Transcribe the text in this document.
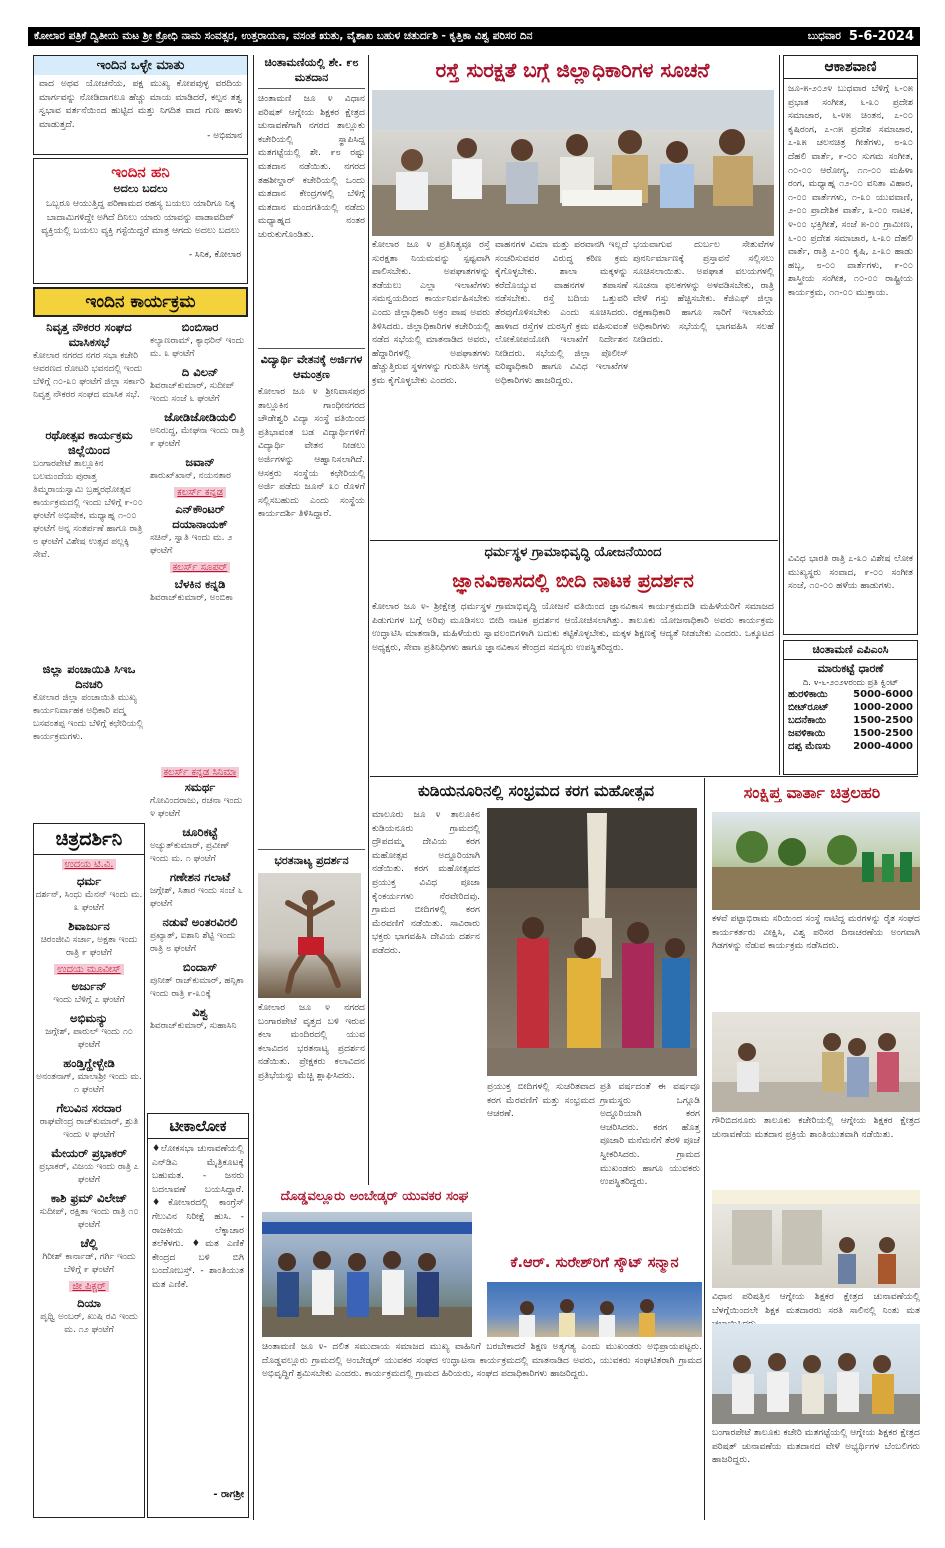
ಕೋಲಾರ ಪತ್ರಿಕೆ ದ್ವಿತೀಯ ಮಟ ಶ್ರೀ ಕ್ರೋಧಿ ನಾಮ ಸಂವತ್ಸರ, ಉತ್ತರಾಯಣ, ವಸಂತ ಋತು, ವೈಶಾಖ ಬಹುಳ ಚತುರ್ದಶಿ - ಕೃತ್ತಿಕಾ ವಿಶ್ವ ಪರಿಸರ ದಿನ	ಬುಧವಾರ 5-6-2024
ಇಂದಿನ ಒಳ್ಳೇ ಮಾತು
ವಾದ ಅಥವ ಯೋಚನೆಯ, ಪಕ್ಷ ಮುಖ್ಯ ಕೋಪವುಳ್ಳ ವರದಿಯ ಮಾರ್ಗವನ್ನು ನೋಡಿದಾಗಲೂ ಹೆಚ್ಚು ಮಾಯ ಮಾಡಿದರೆ, ಕಲ್ಪನ ತತ್ವ ಸ್ವಭಾವ ವರ್ತನೆಯಿಂದ ಹುಟ್ಟಿದ ಮತ್ತು ನಿಗದಿತ ವಾದ ಗುಣ ಹಾಳು ಮಾಡುತ್ತದೆ.
- ಅಭಿಮಾನ
ಇಂದಿನ ಹನಿ
ಅದಲು ಬದಲು
ಒಬ್ಬರೂ ಆಯುತ್ತಿದ್ದ ಪರಿಣಾಮದ ರಹಸ್ಯ ಬಯಲು ಯಾರಿಗೂ ನಿಕ್ಕ ಬಾದಾಮಿಗಳಿದ್ದೇ ಅಗಿದೆ ದಿನಿಲು ಯಾರು ಯಾವನ್ನು ವಾಡಾವದಿಪ್ ವ್ಯಕ್ತಿಯಲ್ಲಿ ಬಯಲು ವ್ಯಕ್ತಿ ಗಸ್ಟೆಯಿದ್ದರೆ ಮಾತ್ರ ಆಗದು ಅದಲು ಬದಲು
- ಸಿನಿಕ, ಕೋಲಾರ
ಇಂದಿನ ಕಾರ್ಯಕ್ರಮ
ನಿವೃತ್ತ ನೌಕರರ ಸಂಘದ ಮಾಸಿಕಸಭೆ
ಕೋಲಾರ ನಗರದ ನಗರ ಸಭಾ ಕಚೇರಿ ಆವರಣದ ರೋಟರಿ ಭವನದಲ್ಲಿ ಇಂದು ಬೆಳಿಗ್ಗೆ ೧೦-೩೦ ಘಂಟೆಗೆ ಜಿಲ್ಲಾ ಸರ್ಕಾರಿ ನಿವೃತ್ತ ನೌಕರರ ಸಂಘದ ಮಾಸಿಕ ಸಭೆ.
ರಥೋತ್ಸವ ಕಾರ್ಯಕ್ರಮ ಜಿಲ್ಲೆಯಿಂದ
ಬಂಗಾರಪೇಟೆ ತಾಲ್ಲೂಕಿನ ಬಲಮಂದೆಯ ಪುರಾತ್ತ ತಿಮ್ಮರಾಯಸ್ವಾಮಿ ಬ್ರಹ್ಮರಥೋತ್ಸವ ಕಾರ್ಯಕ್ರಮದಲ್ಲಿ ಇಂದು ಬೆಳಿಗ್ಗೆ ೯-೦೦ ಘಂಟೆಗೆ ಅಭಿಷೇಕ, ಮಧ್ಯಾಹ್ನ ೧-೦೦ ಘಂಟೆಗೆ ಅನ್ನ ಸಂತರ್ಪಣೆ ಹಾಗೂ ರಾತ್ರಿ ೮ ಘಂಟೆಗೆ ವಿಶೇಷ ಉತ್ಸವ ಪಲ್ಲಕ್ಕಿ ಸೇವೆ.
ಜಿಲ್ಲಾ ಪಂಚಾಯಿತಿ ಸಿಇಒ ದಿನಚರಿ
ಕೋಲಾರ ಜಿಲ್ಲಾ ಪಂಚಾಯಿತಿ ಮುಖ್ಯ ಕಾರ್ಯನಿರ್ವಾಹಕ ಅಧಿಕಾರಿ ಪದ್ಮ ಬಸವಂತಪ್ಪ ಇಂದು ಬೆಳಿಗ್ಗೆ ಕಛೇರಿಯಲ್ಲಿ ಕಾರ್ಯಕ್ರಮಗಳು.
ಚಿತ್ರದರ್ಶಿನಿ
ಉದಯ ಟಿ.ವಿ.
ಧರ್ಮ
ದರ್ಶನ್, ಸಿಂಧು ಮೆನನ್ ಇಂದು ಮ. ೩ ಘಂಟೆಗೆ
ಶಿವಾರ್ಜುನ
ಚಿರಂಜೀವಿ ಸರ್ಜಾ, ಅಕ್ಷತಾ ಇಂದು ರಾತ್ರಿ ೯ ಘಂಟೆಗೆ
ಉದಯ ಮೂವೀಸ್
ಅರ್ಜುನ್
ಇಂದು ಬೆಳಿಗ್ಗೆ ೭ ಘಂಟೆಗೆ
ಅಭಿಮನ್ಯು
ಜಗ್ಗೇಶ್, ಪಾರುಲ್ ಇಂದು ೧೦ ಘಂಟೆಗೆ
ಹಂಡ್ತಿಗ್ಹೇಳ್ಬೇಡಿ
ಅನಂತನಾಗ್, ಮಾಲಾಶ್ರೀ ಇಂದು ಮ. ೧ ಘಂಟೆಗೆ
ಗೆಲುವಿನ ಸರದಾರ
ರಾಘವೇಂದ್ರ ರಾಜ್‌ಕುಮಾರ್, ಶ್ರುತಿ ಇಂದು ೪ ಘಂಟೆಗೆ
ಮೇಯರ್ ಪ್ರಭಾಕರ್
ಪ್ರಭಾಕರ್, ವಿಜಯ ಇಂದು ರಾತ್ರಿ ೭ ಘಂಟೆಗೆ
ಕಾಶಿ ಫ್ರಮ್ ವಿಲೇಜ್
ಸುದೀಪ್, ರಕ್ಷಿತಾ ಇಂದು ರಾತ್ರಿ ೧೦ ಘಂಟೆಗೆ
ಚೆಲ್ಲಿ
ಗಿರೀಶ್ ಕಾರ್ನಾಡ್, ಗರ್ಗಿ ಇಂದು ಬೆಳಿಗ್ಗೆ ೯ ಘಂಟೆಗೆ
ಜೀ ಪಿಕ್ಚರ್
ದಿಯಾ
ಪೃಥ್ವಿ ಅಂಬರ್, ಖುಷಿ ರವಿ ಇಂದು ಮ. ೧೨ ಘಂಟೆಗೆ
ಬಿಂಬಿಸಾರ
ಕಲ್ಯಾಣರಾಮ್, ಕ್ಯಾಥರಿನ್ ಇಂದು ಮ. ೩ ಘಂಟೆಗೆ
ದಿ ವಿಲನ್
ಶಿವರಾಜ್‌ಕುಮಾರ್, ಸುದೀಪ್ ಇಂದು ಸಂಜೆ ೬ ಘಂಟೆಗೆ
ಜೋಡಿಜೋಡಿಯಲಿ
ಅನಿರುದ್ಧ, ಮೇಘನಾ ಇಂದು ರಾತ್ರಿ ೯ ಘಂಟೆಗೆ
ಜವಾನ್
ಶಾರುಖ್‌ಖಾನ್, ನಯನತಾರ
ಕಲರ್ಸ್ ಕನ್ನಡ
ಎನ್‌ಕೌಂಟರ್ ದಯಾನಾಯಕ್
ಸಚಿನ್, ಸ್ವಾತಿ ಇಂದು ಮ. ೨ ಘಂಟೆಗೆ
ಕಲರ್ಸ್ ಸೂಪರ್
ಬೆಳಕಿನ ಕನ್ನಡಿ
ಶಿವರಾಜ್‌ಕುಮಾರ್, ಅಂಬಿಕಾ
ಕಲರ್ಸ್ ಕನ್ನಡ ಸಿನಿಮಾ
ಸಮರ್ಥ
ಗೋವಿಂದರಾಜು, ರಚನಾ ಇಂದು ೪ ಘಂಟೆಗೆ
ಚೂರಿಕಟ್ಟೆ
ಅಚ್ಯುತ್‌ಕುಮಾರ್, ಪ್ರವೀಣ್ ಇಂದು ಮ. ೧ ಘಂಟೆಗೆ
ಗಣೇಶನ ಗಲಾಟೆ
ಜಗ್ಗೇಶ್, ಸಿತಾರ ಇಂದು ಸಂಜೆ ೬ ಘಂಟೆಗೆ
ನಡುವೆ ಅಂತರವಿರಲಿ
ಪ್ರಖ್ಯಾತ್, ಐಶಾನಿ ಶೆಟ್ಟಿ ಇಂದು ರಾತ್ರಿ ೮ ಘಂಟೆಗೆ
ಬಿಂದಾಸ್
ಪುನೀತ್ ರಾಜ್‌ಕುಮಾರ್, ಹನ್ಸಿಕಾ ಇಂದು ರಾತ್ರಿ ೯-೩೦ಕ್ಕೆ
ವಿಶ್ವ
ಶಿವರಾಜ್‌ಕುಮಾರ್, ಸುಹಾಸಿನಿ
ಟೀಕಾಲೋಕ
♦ಲೋಕಸಭಾ ಚುನಾವಣೆಯಲ್ಲಿ ಎನ್‌ಡಿಎ ಮೈತ್ರಿಕೂಟಕ್ಕೆ ಬಹುಮತ. - ಜನರು ಬದಲಾವಣೆ ಬಯಸಿದ್ದಾರೆ. ♦ಕೋಲಾರದಲ್ಲಿ ಕಾಂಗ್ರೆಸ್ ಗೆಲುವಿನ ನಿರೀಕ್ಷೆ ಹುಸಿ. - ರಾಜಕೀಯ ಲೆಕ್ಕಾಚಾರ ತಲೆಕೆಳಗು. ♦ಮತ ಎಣಿಕೆ ಕೇಂದ್ರದ ಬಳಿ ಬಿಗಿ ಬಂದೋಬಸ್ತ್. - ಶಾಂತಿಯುತ ಮತ ಎಣಿಕೆ.
- ರಾಗಶ್ರೀ
ಚಿಂತಾಮಣಿಯಲ್ಲಿ ಶೇ. ೯೮ ಮತದಾನ
ಚಿಂತಾಮಣಿ ಜೂ ೪ ವಿಧಾನ ಪರಿಷತ್ ಆಗ್ನೇಯ ಶಿಕ್ಷಕರ ಕ್ಷೇತ್ರದ ಚುನಾವಣೆಗಾಗಿ ನಗರದ ತಾಲ್ಲೂಕು ಕಚೇರಿಯಲ್ಲಿ ಸ್ಥಾಪಿಸಿದ್ದ ಮತಗಟ್ಟೆಯಲ್ಲಿ ಶೇ. ೯೮ ರಷ್ಟು ಮತದಾನ ನಡೆಯಿತು. ನಗರದ ತಹಶೀಲ್ದಾರ್ ಕಚೇರಿಯಲ್ಲಿ ಒಂದು ಮತದಾನ ಕೇಂದ್ರಗಳಲ್ಲಿ ಬೆಳಿಗ್ಗೆ ಮತದಾನ ಮಂದಗತಿಯಲ್ಲಿ ನಡೆದು ಮಧ್ಯಾಹ್ನದ ನಂತರ ಚುರುಕುಗೊಂಡಿತು.
ವಿದ್ಯಾರ್ಥಿ ವೇತನಕ್ಕೆ ಅರ್ಜಿಗಳ ಆಮಂತ್ರಣ
ಕೋಲಾರ ಜೂ ೪ ಶ್ರೀನಿವಾಸಪುರ ತಾಲ್ಲೂಕಿನ ಗಾಂಧೀನಗರದ ಚೌಡೇಶ್ವರಿ ವಿದ್ಯಾ ಸಂಸ್ಥೆ ವತಿಯಿಂದ ಪ್ರತಿಭಾವಂತ ಬಡ ವಿದ್ಯಾರ್ಥಿಗಳಿಗೆ ವಿದ್ಯಾರ್ಥಿ ವೇತನ ನೀಡಲು ಅರ್ಜಿಗಳನ್ನು ಆಹ್ವಾನಿಸಲಾಗಿದೆ. ಆಸಕ್ತರು ಸಂಸ್ಥೆಯ ಕಛೇರಿಯಲ್ಲಿ ಅರ್ಜಿ ಪಡೆದು ಜೂನ್ ೩೦ ರೊಳಗೆ ಸಲ್ಲಿಸಬಹುದು ಎಂದು ಸಂಸ್ಥೆಯ ಕಾರ್ಯದರ್ಶಿ ತಿಳಿಸಿದ್ದಾರೆ.
ಭರತನಾಟ್ಯ ಪ್ರದರ್ಶನ
ಕೋಲಾರ ಜೂ ೪ ನಗರದ ಬಂಗಾರಪೇಟೆ ವೃತ್ತದ ಬಳಿ ಇರುವ ಕಲಾ ಮಂದಿರದಲ್ಲಿ ಯುವ ಕಲಾವಿದನ ಭರತನಾಟ್ಯ ಪ್ರದರ್ಶನ ನಡೆಯಿತು. ಪ್ರೇಕ್ಷಕರು ಕಲಾವಿದನ ಪ್ರತಿಭೆಯನ್ನು ಮೆಚ್ಚಿ ಶ್ಲಾಘಿಸಿದರು.
ರಸ್ತೆ ಸುರಕ್ಷತೆ ಬಗ್ಗೆ ಜಿಲ್ಲಾಧಿಕಾರಿಗಳ ಸೂಚನೆ
ಕೋಲಾರ ಜೂ ೪ ಪ್ರತಿನಿತ್ಯವೂ ರಸ್ತೆ ಸುರಕ್ಷತಾ ನಿಯಮವನ್ನು ಸ್ಪಷ್ಟವಾಗಿ ಪಾಲಿಸಬೇಕು. ಅಪಘಾತಗಳನ್ನು ತಡೆಯಲು ಎಲ್ಲಾ ಇಲಾಖೆಗಳು ಸಮನ್ವಯದಿಂದ ಕಾರ್ಯನಿರ್ವಹಿಸಬೇಕು ಎಂದು ಜಿಲ್ಲಾಧಿಕಾರಿ ಅಕ್ರಂ ಪಾಷ ಅವರು ತಿಳಿಸಿದರು. ಜಿಲ್ಲಾಧಿಕಾರಿಗಳ ಕಚೇರಿಯಲ್ಲಿ ನಡೆದ ಸಭೆಯಲ್ಲಿ ಮಾತನಾಡಿದ ಅವರು, ಹೆದ್ದಾರಿಗಳಲ್ಲಿ ಅಪಘಾತಗಳು ಹೆಚ್ಚುತ್ತಿರುವ ಸ್ಥಳಗಳನ್ನು ಗುರುತಿಸಿ ಅಗತ್ಯ ಕ್ರಮ ಕೈಗೊಳ್ಳಬೇಕು ಎಂದರು.
ವಾಹನಗಳ ವಿಮಾ ಮತ್ತು ಪರವಾನಗಿ ಇಲ್ಲದೆ ಸಂಚರಿಸುವವರ ವಿರುದ್ಧ ಕಠಿಣ ಕ್ರಮ ಕೈಗೊಳ್ಳಬೇಕು. ಶಾಲಾ ಮಕ್ಕಳನ್ನು ಕರೆದೊಯ್ಯುವ ವಾಹನಗಳ ತಪಾಸಣೆ ನಡೆಸಬೇಕು. ರಸ್ತೆ ಬದಿಯ ಒತ್ತುವರಿ ತೆರವುಗೊಳಿಸಬೇಕು ಎಂದು ಸೂಚಿಸಿದರು. ಹಾಳಾದ ರಸ್ತೆಗಳ ದುರಸ್ತಿಗೆ ಕ್ರಮ ವಹಿಸುವಂತೆ ಲೋಕೋಪಯೋಗಿ ಇಲಾಖೆಗೆ ನಿರ್ದೇಶನ ನೀಡಿದರು. ಸಭೆಯಲ್ಲಿ ಜಿಲ್ಲಾ ಪೊಲೀಸ್ ವರಿಷ್ಠಾಧಿಕಾರಿ ಹಾಗೂ ವಿವಿಧ ಇಲಾಖೆಗಳ ಅಧಿಕಾರಿಗಳು ಹಾಜರಿದ್ದರು.
ಭಯವಾಗುವ ದುರ್ಬಲ ಸೇತುವೆಗಳ ಪುನರ್ನಿರ್ಮಾಣಕ್ಕೆ ಪ್ರಸ್ತಾವನೆ ಸಲ್ಲಿಸಲು ಸೂಚಿಸಲಾಯಿತು. ಅಪಘಾತ ವಲಯಗಳಲ್ಲಿ ಸೂಚನಾ ಫಲಕಗಳನ್ನು ಅಳವಡಿಸಬೇಕು, ರಾತ್ರಿ ವೇಳೆ ಗಸ್ತು ಹೆಚ್ಚಿಸಬೇಕು. ಕೆಜಿಎಫ್ ಜಿಲ್ಲಾ ರಕ್ಷಣಾಧಿಕಾರಿ ಹಾಗೂ ಸಾರಿಗೆ ಇಲಾಖೆಯ ಅಧಿಕಾರಿಗಳು ಸಭೆಯಲ್ಲಿ ಭಾಗವಹಿಸಿ ಸಲಹೆ ನೀಡಿದರು.
ಆಕಾಶವಾಣಿ
ಜೂ-೫-೨೦೨೪ ಬುಧವಾರ ಬೆಳಿಗ್ಗೆ ೬-೦೫ ಪ್ರಭಾತ ಸಂಗೀತ, ೬-೩೦ ಪ್ರದೇಶ ಸಮಾಚಾರ, ೬-೪೫ ಚಿಂತನ, ೭-೦೦ ಕೃಷಿರಂಗ, ೭-೧೫ ಪ್ರದೇಶ ಸಮಾಚಾರ, ೭-೩೫ ಚಲನಚಿತ್ರ ಗೀತೆಗಳು, ೮-೩೦ ದೆಹಲಿ ವಾರ್ತೆ, ೯-೦೦ ಸುಗಮ ಸಂಗೀತ, ೧೦-೦೦ ಆರೋಗ್ಯ, ೧೧-೦೦ ಮಹಿಳಾ ರಂಗ, ಮಧ್ಯಾಹ್ನ ೧೨-೦೦ ವನಿತಾ ವಿಹಾರ, ೧-೦೦ ವಾರ್ತೆಗಳು, ೧-೩೦ ಯುವವಾಣಿ, ೨-೦೦ ಪ್ರಾದೇಶಿಕ ವಾರ್ತೆ, ೩-೦೦ ನಾಟಕ, ೪-೦೦ ಭಕ್ತಿಗೀತೆ, ಸಂಜೆ ೫-೦೦ ಗ್ರಾಮೀಣ, ೬-೦೦ ಪ್ರದೇಶ ಸಮಾಚಾರ, ೬-೩೦ ದೆಹಲಿ ವಾರ್ತೆ, ರಾತ್ರಿ ೭-೦೦ ಕೃಷಿ, ೭-೩೦ ಹಾಡು ಹಬ್ಬ, ೮-೦೦ ವಾರ್ತೆಗಳು, ೯-೦೦ ಶಾಸ್ತ್ರೀಯ ಸಂಗೀತ, ೧೦-೦೦ ರಾಷ್ಟ್ರೀಯ ಕಾರ್ಯಕ್ರಮ, ೧೧-೦೦ ಮುಕ್ತಾಯ.
ವಿವಿಧ ಭಾರತಿ ರಾತ್ರಿ ೭-೩೦ ವಿಶೇಷ ಲೋಕ ಮುಖ್ಯಸ್ಥರು ಸಂವಾದ, ೯-೦೦ ಸಂಗೀತ ಸಂಜೆ, ೧೦-೦೦ ಹಳೆಯ ಹಾಡುಗಳು.
ಚಿಂತಾಮಣಿ ಎಪಿಎಂಸಿ
ಮಾರುಕಟ್ಟೆ ಧಾರಣೆ
ದಿ. ೪-೬-೨೦೨೪ರಂದು ಪ್ರತಿ ಕ್ವಿಂಟ್
ಹುರಳಿಕಾಯಿ	5000-6000
ಬೀಟ್‌ರೂಟ್	1000-2000
ಬದನೆಕಾಯಿ	1500-2500
ಜವಳಿಕಾಯಿ	1500-2500
ದಪ್ಪ ಮೆಣಸು	2000-4000
ಧರ್ಮಸ್ಥಳ ಗ್ರಾಮಾಭಿವೃದ್ಧಿ ಯೋಜನೆಯಿಂದ
ಜ್ಞಾನವಿಕಾಸದಲ್ಲಿ ಬೀದಿ ನಾಟಕ ಪ್ರದರ್ಶನ
ಕೋಲಾರ ಜೂ ೪- ಶ್ರೀಕ್ಷೇತ್ರ ಧರ್ಮಸ್ಥಳ ಗ್ರಾಮಾಭಿವೃದ್ಧಿ ಯೋಜನೆ ವತಿಯಿಂದ ಜ್ಞಾನವಿಕಾಸ ಕಾರ್ಯಕ್ರಮದಡಿ ಮಹಿಳೆಯರಿಗೆ ಸಮಾಜದ ಪಿಡುಗುಗಳ ಬಗ್ಗೆ ಅರಿವು ಮೂಡಿಸಲು ಬೀದಿ ನಾಟಕ ಪ್ರದರ್ಶನ ಆಯೋಜಿಸಲಾಗಿತ್ತು. ತಾಲೂಕು ಯೋಜನಾಧಿಕಾರಿ ಅವರು ಕಾರ್ಯಕ್ರಮ ಉದ್ಘಾಟಿಸಿ ಮಾತನಾಡಿ, ಮಹಿಳೆಯರು ಸ್ವಾವಲಂಬಿಗಳಾಗಿ ಬದುಕು ಕಟ್ಟಿಕೊಳ್ಳಬೇಕು, ಮಕ್ಕಳ ಶಿಕ್ಷಣಕ್ಕೆ ಆದ್ಯತೆ ನೀಡಬೇಕು ಎಂದರು. ಒಕ್ಕೂಟದ ಅಧ್ಯಕ್ಷರು, ಸೇವಾ ಪ್ರತಿನಿಧಿಗಳು ಹಾಗೂ ಜ್ಞಾನವಿಕಾಸ ಕೇಂದ್ರದ ಸದಸ್ಯರು ಉಪಸ್ಥಿತರಿದ್ದರು.
ಕುಡಿಯನೂರಿನಲ್ಲಿ ಸಂಭ್ರಮದ ಕರಗ ಮಹೋತ್ಸವ
ಮಾಲೂರು ಜೂ ೪ ತಾಲೂಕಿನ ಕುಡಿಯನೂರು ಗ್ರಾಮದಲ್ಲಿ ದ್ರೌಪದಮ್ಮ ದೇವಿಯ ಕರಗ ಮಹೋತ್ಸವ ಅದ್ದೂರಿಯಾಗಿ ನಡೆಯಿತು. ಕರಗ ಮಹೋತ್ಸವದ ಪ್ರಯುಕ್ತ ವಿವಿಧ ಪೂಜಾ ಕೈಂಕರ್ಯಗಳು ನೆರವೇರಿದವು. ಗ್ರಾಮದ ಬೀದಿಗಳಲ್ಲಿ ಕರಗ ಮೆರವಣಿಗೆ ನಡೆಯಿತು. ಸಾವಿರಾರು ಭಕ್ತರು ಭಾಗವಹಿಸಿ ದೇವಿಯ ದರ್ಶನ ಪಡೆದರು.
ಪ್ರಯುಕ್ತ ಬೀದಿಗಳಲ್ಲಿ ಸುಚರಿತವಾದ ಕರಗ ಮೆರವಣಿಗೆ ಮತ್ತು ಸಂಭ್ರಮದ ಆಚರಣೆ.
ಪ್ರತಿ ವರ್ಷದಂತೆ ಈ ವರ್ಷವೂ ಗ್ರಾಮಸ್ಥರು ಒಗ್ಗೂಡಿ ಅದ್ದೂರಿಯಾಗಿ ಕರಗ ಆಚರಿಸಿದರು. ಕರಗ ಹೊತ್ತ ಪೂಜಾರಿ ಮನೆಮನೆಗೆ ತೆರಳಿ ಪೂಜೆ ಸ್ವೀಕರಿಸಿದರು. ಗ್ರಾಮದ ಮುಖಂಡರು ಹಾಗೂ ಯುವಕರು ಉಪಸ್ಥಿತರಿದ್ದರು.
ಸಂಕ್ಷಿಪ್ತ ವಾರ್ತಾ ಚಿತ್ರಲಹರಿ
ಕಳವೆ ಪಟ್ಟಾಭಿರಾಮ ಸರಿಯಿಂದ ಸಂಸ್ಥೆ ನಾಟಿದ್ದ ಮರಗಳನ್ನು ರೈತ ಸಂಘದ ಕಾರ್ಯಕರ್ತರು ವೀಕ್ಷಿಸಿ, ವಿಶ್ವ ಪರಿಸರ ದಿನಾಚರಣೆಯ ಅಂಗವಾಗಿ ಗಿಡಗಳನ್ನು ನೆಡುವ ಕಾರ್ಯಕ್ರಮ ನಡೆಸಿದರು.
ಗೌರಿಬಿದನೂರು ತಾಲೂಕು ಕಚೇರಿಯಲ್ಲಿ ಆಗ್ನೇಯ ಶಿಕ್ಷಕರ ಕ್ಷೇತ್ರದ ಚುನಾವಣೆಯ ಮತದಾನ ಪ್ರಕ್ರಿಯೆ ಶಾಂತಿಯುತವಾಗಿ ನಡೆಯಿತು.
ವಿಧಾನ ಪರಿಷತ್ತಿನ ಆಗ್ನೇಯ ಶಿಕ್ಷಕರ ಕ್ಷೇತ್ರದ ಚುನಾವಣೆಯಲ್ಲಿ ಬೆಳಗ್ಗೆಯಿಂದಲೇ ಶಿಕ್ಷಕ ಮತದಾರರು ಸರತಿ ಸಾಲಿನಲ್ಲಿ ನಿಂತು ಮತ
ಬಂಗಾರಪೇಟೆ ತಾಲೂಕು ಕಚೇರಿ ಮತಗಟ್ಟೆಯಲ್ಲಿ ಆಗ್ನೇಯ ಶಿಕ್ಷಕರ ಕ್ಷೇತ್ರದ ಪರಿಷತ್ ಚುನಾವಣೆಯ ಮತದಾನದ ವೇಳೆ ಅಭ್ಯರ್ಥಿಗಳ ಬೆಂಬಲಿಗರು ಹಾಜರಿದ್ದರು.
ದೊಡ್ಡವಲ್ಲೂರು ಅಂಬೇಡ್ಕರ್ ಯುವಕರ ಸಂಘ
ಚಿಂತಾಮಣಿ ಜೂ ೪- ದಲಿತ ಸಮುದಾಯ ಸಮಾಜದ ಮುಖ್ಯ ವಾಹಿನಿಗೆ ಬರಬೇಕಾದರೆ ಶಿಕ್ಷಣ ಅತ್ಯಗತ್ಯ ಎಂದು ಮುಖಂಡರು ಅಭಿಪ್ರಾಯಪಟ್ಟರು. ದೊಡ್ಡವಲ್ಲೂರು ಗ್ರಾಮದಲ್ಲಿ ಅಂಬೇಡ್ಕರ್ ಯುವಕರ ಸಂಘದ ಉದ್ಘಾಟನಾ ಕಾರ್ಯಕ್ರಮದಲ್ಲಿ ಮಾತನಾಡಿದ ಅವರು, ಯುವಕರು ಸಂಘಟಿತರಾಗಿ ಗ್ರಾಮದ ಅಭಿವೃದ್ಧಿಗೆ ಶ್ರಮಿಸಬೇಕು ಎಂದರು. ಕಾರ್ಯಕ್ರಮದಲ್ಲಿ ಗ್ರಾಮದ ಹಿರಿಯರು, ಸಂಘದ ಪದಾಧಿಕಾರಿಗಳು ಹಾಜರಿದ್ದರು.
ಕೆ.ಆರ್. ಸುರೇಶ್‌ರಿಗೆ ಸ್ಕೌಟ್ ಸನ್ಮಾನ
